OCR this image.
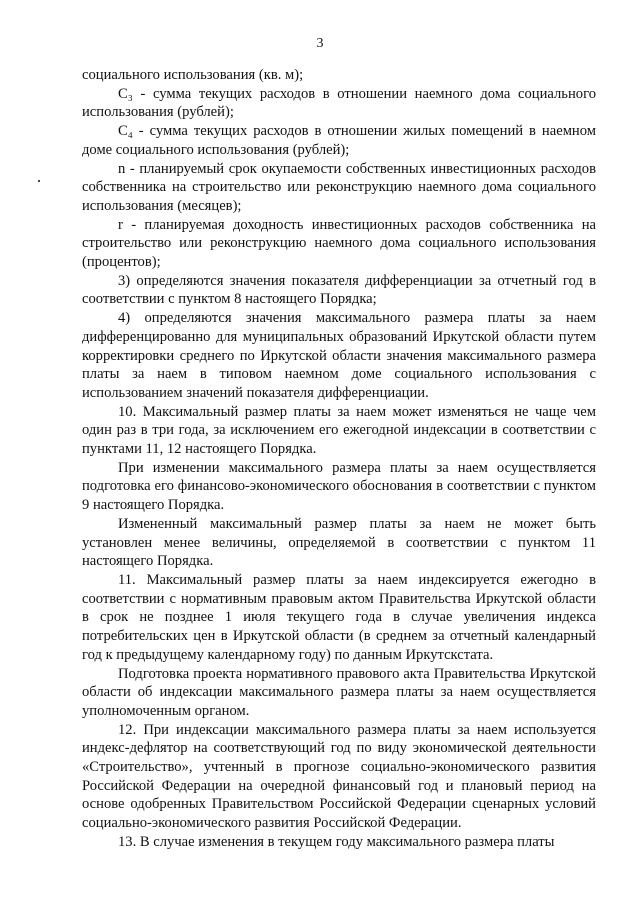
3

социального использования (кв. м);

C₃ - сумма текущих расходов в отношении наемного дома социального использования (рублей);

C₄ - сумма текущих расходов в отношении жилых помещений в наемном доме социального использования (рублей);

n - планируемый срок окупаемости собственных инвестиционных расходов собственника на строительство или реконструкцию наемного дома социального использования (месяцев);

r - планируемая доходность инвестиционных расходов собственника на строительство или реконструкцию наемного дома социального использования (процентов);

3) определяются значения показателя дифференциации за отчетный год в соответствии с пунктом 8 настоящего Порядка;

4) определяются значения максимального размера платы за наем дифференцированно для муниципальных образований Иркутской области путем корректировки среднего по Иркутской области значения максимального размера платы за наем в типовом наемном доме социального использования с использованием значений показателя дифференциации.

10. Максимальный размер платы за наем может изменяться не чаще чем один раз в три года, за исключением его ежегодной индексации в соответствии с пунктами 11, 12 настоящего Порядка.

При изменении максимального размера платы за наем осуществляется подготовка его финансово-экономического обоснования в соответствии с пунктом 9 настоящего Порядка.

Измененный максимальный размер платы за наем не может быть установлен менее величины, определяемой в соответствии с пунктом 11 настоящего Порядка.

11. Максимальный размер платы за наем индексируется ежегодно в соответствии с нормативным правовым актом Правительства Иркутской области в срок не позднее 1 июля текущего года в случае увеличения индекса потребительских цен в Иркутской области (в среднем за отчетный календарный год к предыдущему календарному году) по данным Иркутскстата.

Подготовка проекта нормативного правового акта Правительства Иркутской области об индексации максимального размера платы за наем осуществляется уполномоченным органом.

12. При индексации максимального размера платы за наем используется индекс-дефлятор на соответствующий год по виду экономической деятельности «Строительство», учтенный в прогнозе социально-экономического развития Российской Федерации на очередной финансовый год и плановый период на основе одобренных Правительством Российской Федерации сценарных условий социально-экономического развития Российской Федерации.

13. В случае изменения в текущем году максимального размера платы
